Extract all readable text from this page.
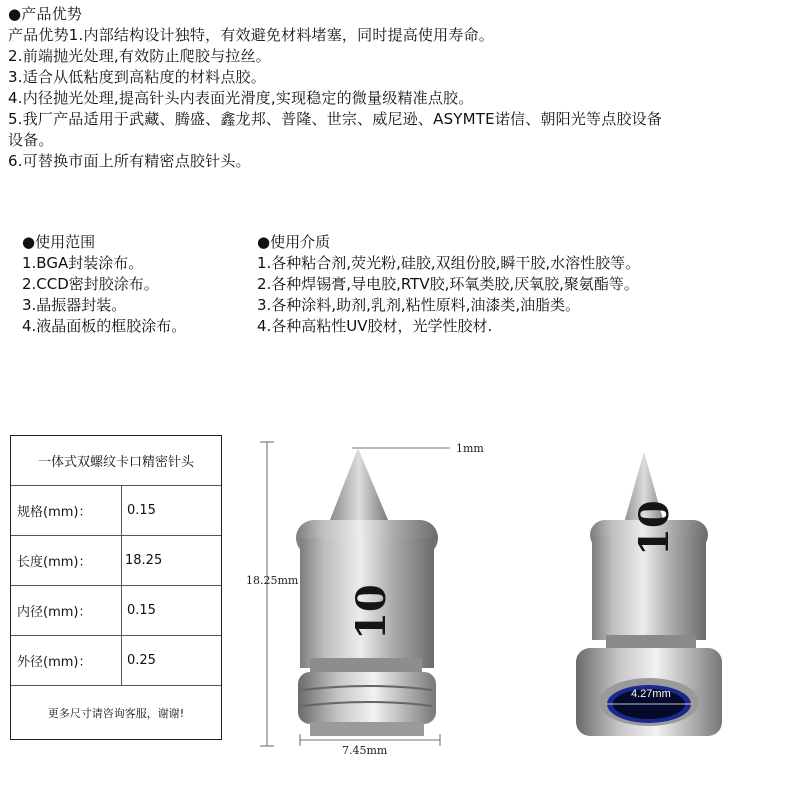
●产品优势
产品优势1.内部结构设计独特，有效避免材料堵塞，同时提高使用寿命。
2.前端抛光处理,有效防止爬胶与拉丝。
3.适合从低粘度到高粘度的材料点胶。
4.内径抛光处理,提高针头内表面光滑度,实现稳定的微量级精准点胶。
5.我厂产品适用于武藏、腾盛、鑫龙邦、普隆、世宗、威尼逊、ASYMTE诺信、朝阳光等点胶设备
设备。
6.可替换市面上所有精密点胶针头。
●使用范围
1.BGA封装涂布。
2.CCD密封胶涂布。
3.晶振器封装。
4.液晶面板的框胶涂布。
●使用介质
1.各种粘合剂,荧光粉,硅胶,双组份胶,瞬干胶,水溶性胶等。
2.各种焊锡膏,导电胶,RTV胶,环氧类胶,厌氧胶,聚氨酯等。
3.各种涂料,助剂,乳剂,粘性原料,油漆类,油脂类。
4.各种高粘性UV胶材，光学性胶材.
一体式双螺纹卡口精密针头
规格(mm)：	0.15
长度(mm)：	18.25
内径(mm)：	0.15
外径(mm)：	0.25
更多尺寸请咨询客服，谢谢!
1mm
18.25mm
7.45mm
4.27mm
10
10
